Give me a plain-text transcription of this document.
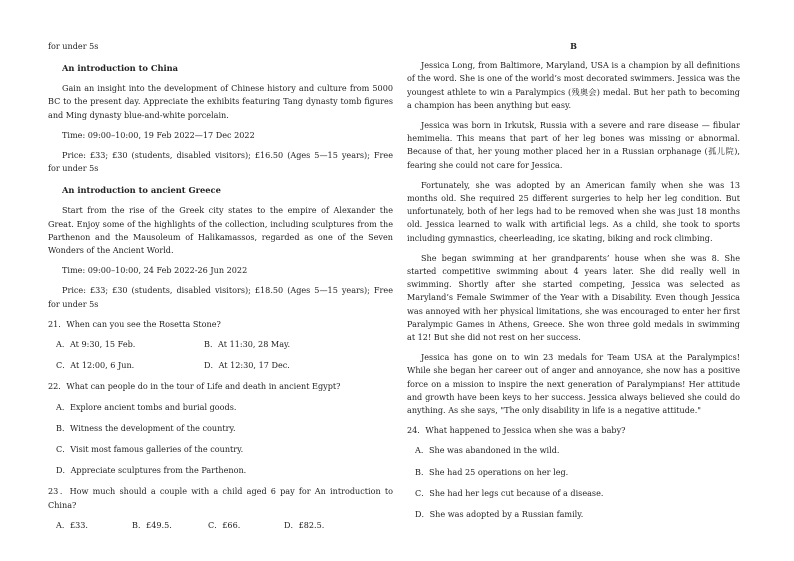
for under 5s

An introduction to China

Gain an insight into the development of Chinese history and culture from 5000 BC to the present day. Appreciate the exhibits featuring Tang dynasty tomb figures and Ming dynasty blue-and-white porcelain.

Time: 09:00–10:00, 19 Feb 2022—17 Dec 2022

Price: £33; £30 (students, disabled visitors); £16.50 (Ages 5—15 years); Free for under 5s

An introduction to ancient Greece

Start from the rise of the Greek city states to the empire of Alexander the Great. Enjoy some of the highlights of the collection, including sculptures from the Parthenon and the Mausoleum of Halikamassos, regarded as one of the Seven Wonders of the Ancient World.

Time: 09:00–10:00, 24 Feb 2022-26 Jun 2022

Price: £33; £30 (students, disabled visitors); £18.50 (Ages 5—15 years); Free for under 5s

21．When can you see the Rosetta Stone?
A．At 9:30, 15 Feb.	B．At 11:30, 28 May.
C．At 12:00, 6 Jun.	D．At 12:30, 17 Dec.
22．What can people do in the tour of Life and death in ancient Egypt?
A．Explore ancient tombs and burial goods.
B．Witness the development of the country.
C．Visit most famous galleries of the country.
D．Appreciate sculptures from the Parthenon.

23．How much should a couple with a child aged 6 pay for An introduction to China?

A．£33.	B．£49.5.	C．£66.	D．£82.5.
B

Jessica Long, from Baltimore, Maryland, USA is a champion by all definitions of the word. She is one of the world’s most decorated swimmers. Jessica was the youngest athlete to win a Paralympics (残奥会) medal. But her path to becoming a champion has been anything but easy.

Jessica was born in Irkutsk, Russia with a severe and rare disease — fibular hemimelia. This means that part of her leg bones was missing or abnormal. Because of that, her young mother placed her in a Russian orphanage (孤儿院), fearing she could not care for Jessica.

Fortunately, she was adopted by an American family when she was 13 months old. She required 25 different surgeries to help her leg condition. But unfortunately, both of her legs had to be removed when she was just 18 months old. Jessica learned to walk with artificial legs. As a child, she took to sports including gymnastics, cheerleading, ice skating, biking and rock climbing.

She began swimming at her grandparents’ house when she was 8. She started competitive swimming about 4 years later. She did really well in swimming. Shortly after she started competing, Jessica was selected as Maryland’s Female Swimmer of the Year with a Disability. Even though Jessica was annoyed with her physical limitations, she was encouraged to enter her first Paralympic Games in Athens, Greece. She won three gold medals in swimming at 12! But she did not rest on her success.

Jessica has gone on to win 23 medals for Team USA at the Paralympics! While she began her career out of anger and annoyance, she now has a positive force on a mission to inspire the next generation of Paralympians! Her attitude and growth have been keys to her success. Jessica always believed she could do anything. As she says, "The only disability in life is a negative attitude."

24．What happened to Jessica when she was a baby?
A．She was abandoned in the wild.
B．She had 25 operations on her leg.
C．She had her legs cut because of a disease.
D．She was adopted by a Russian family.
